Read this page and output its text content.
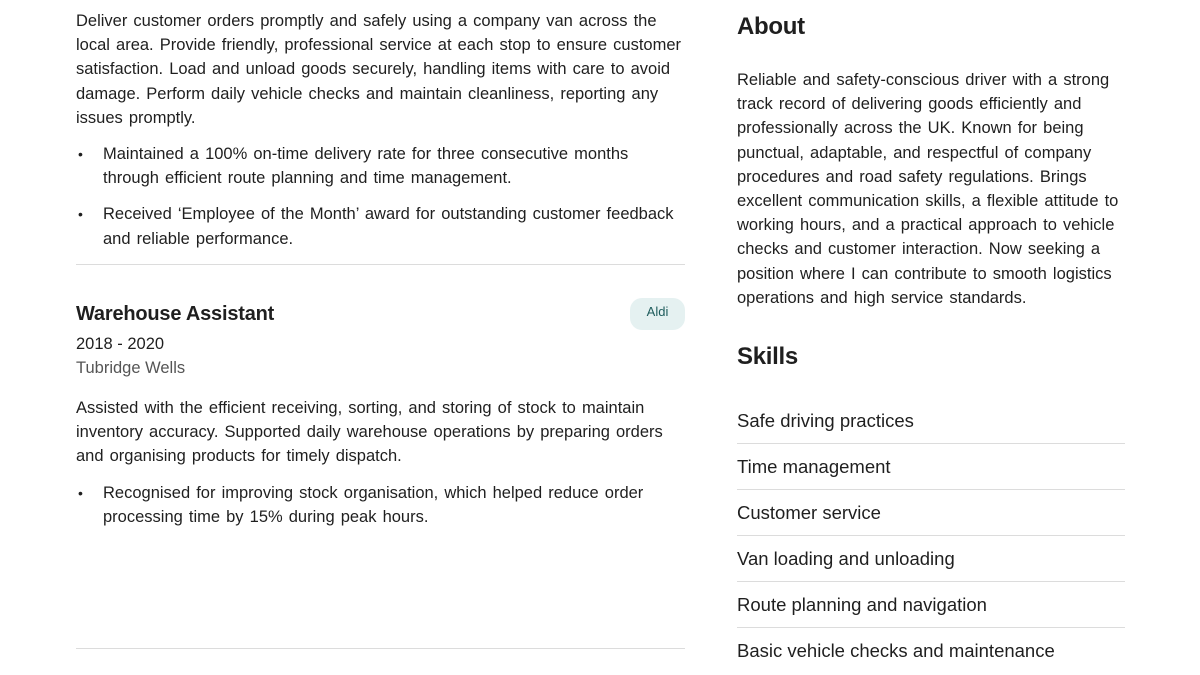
Deliver customer orders promptly and safely using a company van across the local area. Provide friendly, professional service at each stop to ensure customer satisfaction. Load and unload goods securely, handling items with care to avoid damage. Perform daily vehicle checks and maintain cleanliness, reporting any issues promptly.

• Maintained a 100% on-time delivery rate for three consecutive months through efficient route planning and time management.
• Received ‘Employee of the Month’ award for outstanding customer feedback and reliable performance.
Warehouse Assistant	Aldi
2018 - 2020
Tubridge Wells

Assisted with the efficient receiving, sorting, and storing of stock to maintain inventory accuracy. Supported daily warehouse operations by preparing orders and organising products for timely dispatch.

• Recognised for improving stock organisation, which helped reduce order processing time by 15% during peak hours.
About

Reliable and safety-conscious driver with a strong track record of delivering goods efficiently and professionally across the UK. Known for being punctual, adaptable, and respectful of company procedures and road safety regulations. Brings excellent communication skills, a flexible attitude to working hours, and a practical approach to vehicle checks and customer interaction. Now seeking a position where I can contribute to smooth logistics operations and high service standards.

Skills
Safe driving practices
Time management
Customer service
Van loading and unloading
Route planning and navigation
Basic vehicle checks and maintenance
